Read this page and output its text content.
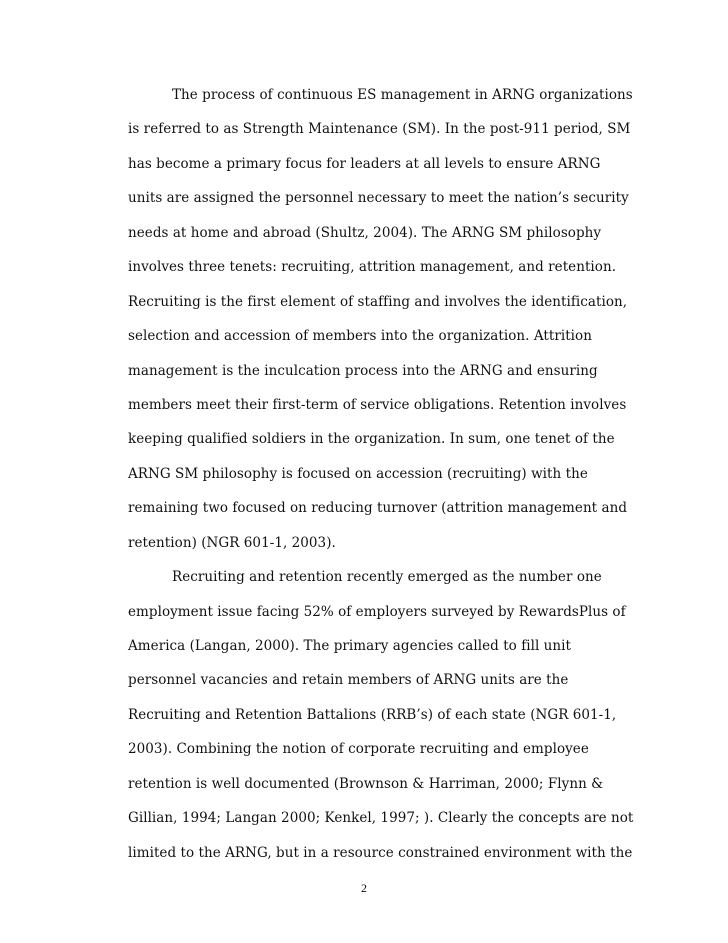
The process of continuous ES management in ARNG organizations
is referred to as Strength Maintenance (SM). In the post-911 period, SM
has become a primary focus for leaders at all levels to ensure ARNG
units are assigned the personnel necessary to meet the nation’s security
needs at home and abroad (Shultz, 2004). The ARNG SM philosophy
involves three tenets: recruiting, attrition management, and retention.
Recruiting is the first element of staffing and involves the identification,
selection and accession of members into the organization. Attrition
management is the inculcation process into the ARNG and ensuring
members meet their first-term of service obligations. Retention involves
keeping qualified soldiers in the organization. In sum, one tenet of the
ARNG SM philosophy is focused on accession (recruiting) with the
remaining two focused on reducing turnover (attrition management and
retention) (NGR 601-1, 2003).
Recruiting and retention recently emerged as the number one
employment issue facing 52% of employers surveyed by RewardsPlus of
America (Langan, 2000). The primary agencies called to fill unit
personnel vacancies and retain members of ARNG units are the
Recruiting and Retention Battalions (RRB’s) of each state (NGR 601-1,
2003). Combining the notion of corporate recruiting and employee
retention is well documented (Brownson & Harriman, 2000; Flynn &
Gillian, 1994; Langan 2000; Kenkel, 1997; ). Clearly the concepts are not
limited to the ARNG, but in a resource constrained environment with the
2
